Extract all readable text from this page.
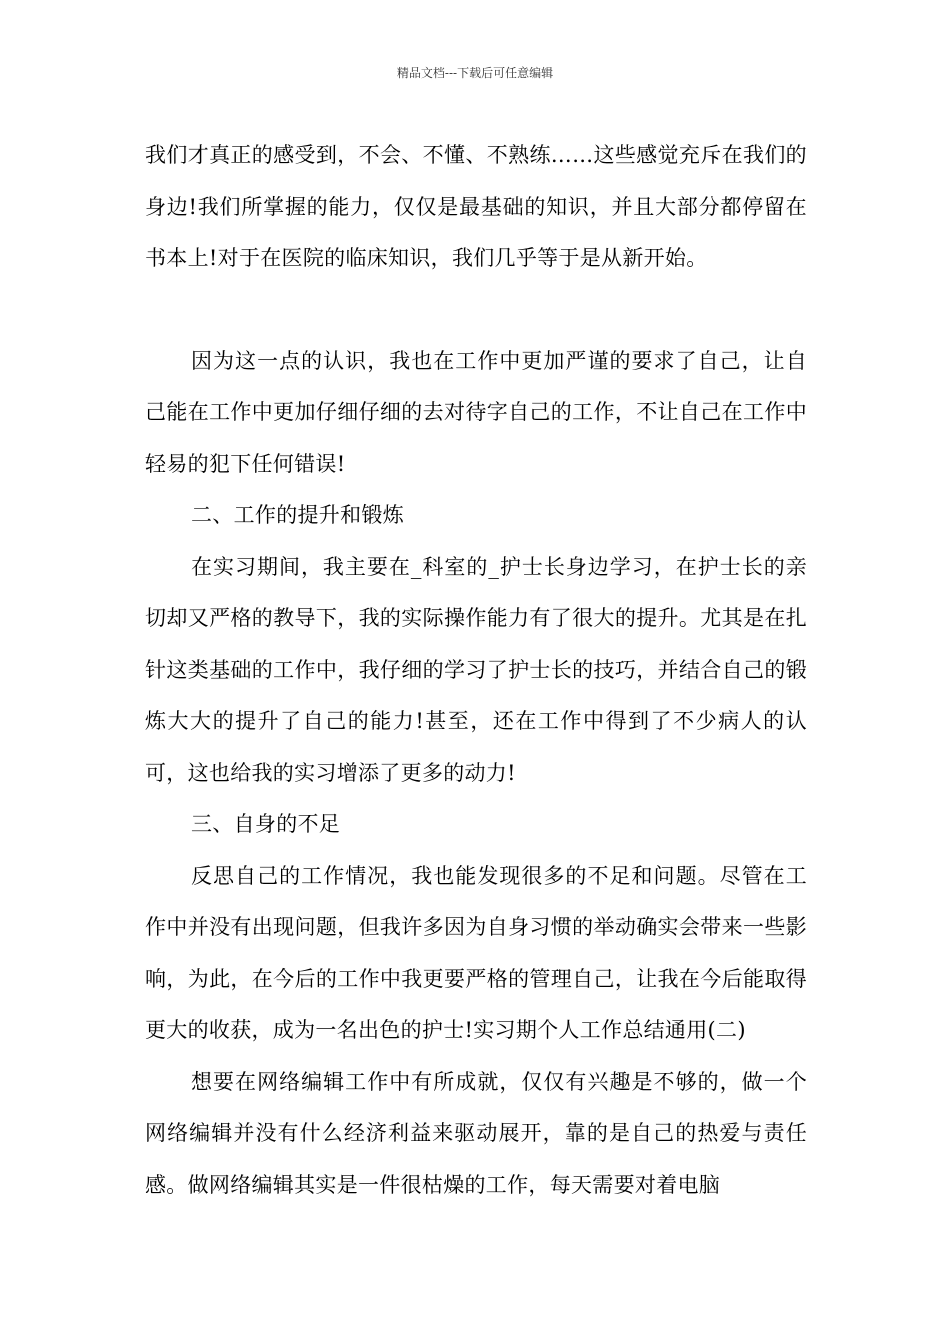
精品文档---下载后可任意编辑

我们才真正的感受到，不会、不懂、不熟练……这些感觉充斥在我们的身边!我们所掌握的能力，仅仅是最基础的知识，并且大部分都停留在书本上!对于在医院的临床知识，我们几乎等于是从新开始。

因为这一点的认识，我也在工作中更加严谨的要求了自己，让自己能在工作中更加仔细仔细的去对待字自己的工作，不让自己在工作中轻易的犯下任何错误!

二、工作的提升和锻炼

在实习期间，我主要在_科室的_护士长身边学习，在护士长的亲切却又严格的教导下，我的实际操作能力有了很大的提升。尤其是在扎针这类基础的工作中，我仔细的学习了护士长的技巧，并结合自己的锻炼大大的提升了自己的能力!甚至，还在工作中得到了不少病人的认可，这也给我的实习增添了更多的动力!

三、自身的不足

反思自己的工作情况，我也能发现很多的不足和问题。尽管在工作中并没有出现问题，但我许多因为自身习惯的举动确实会带来一些影响，为此，在今后的工作中我更要严格的管理自己，让我在今后能取得更大的收获，成为一名出色的护士!实习期个人工作总结通用(二)

想要在网络编辑工作中有所成就，仅仅有兴趣是不够的，做一个网络编辑并没有什么经济利益来驱动展开，靠的是自己的热爱与责任感。做网络编辑其实是一件很枯燥的工作，每天需要对着电脑
